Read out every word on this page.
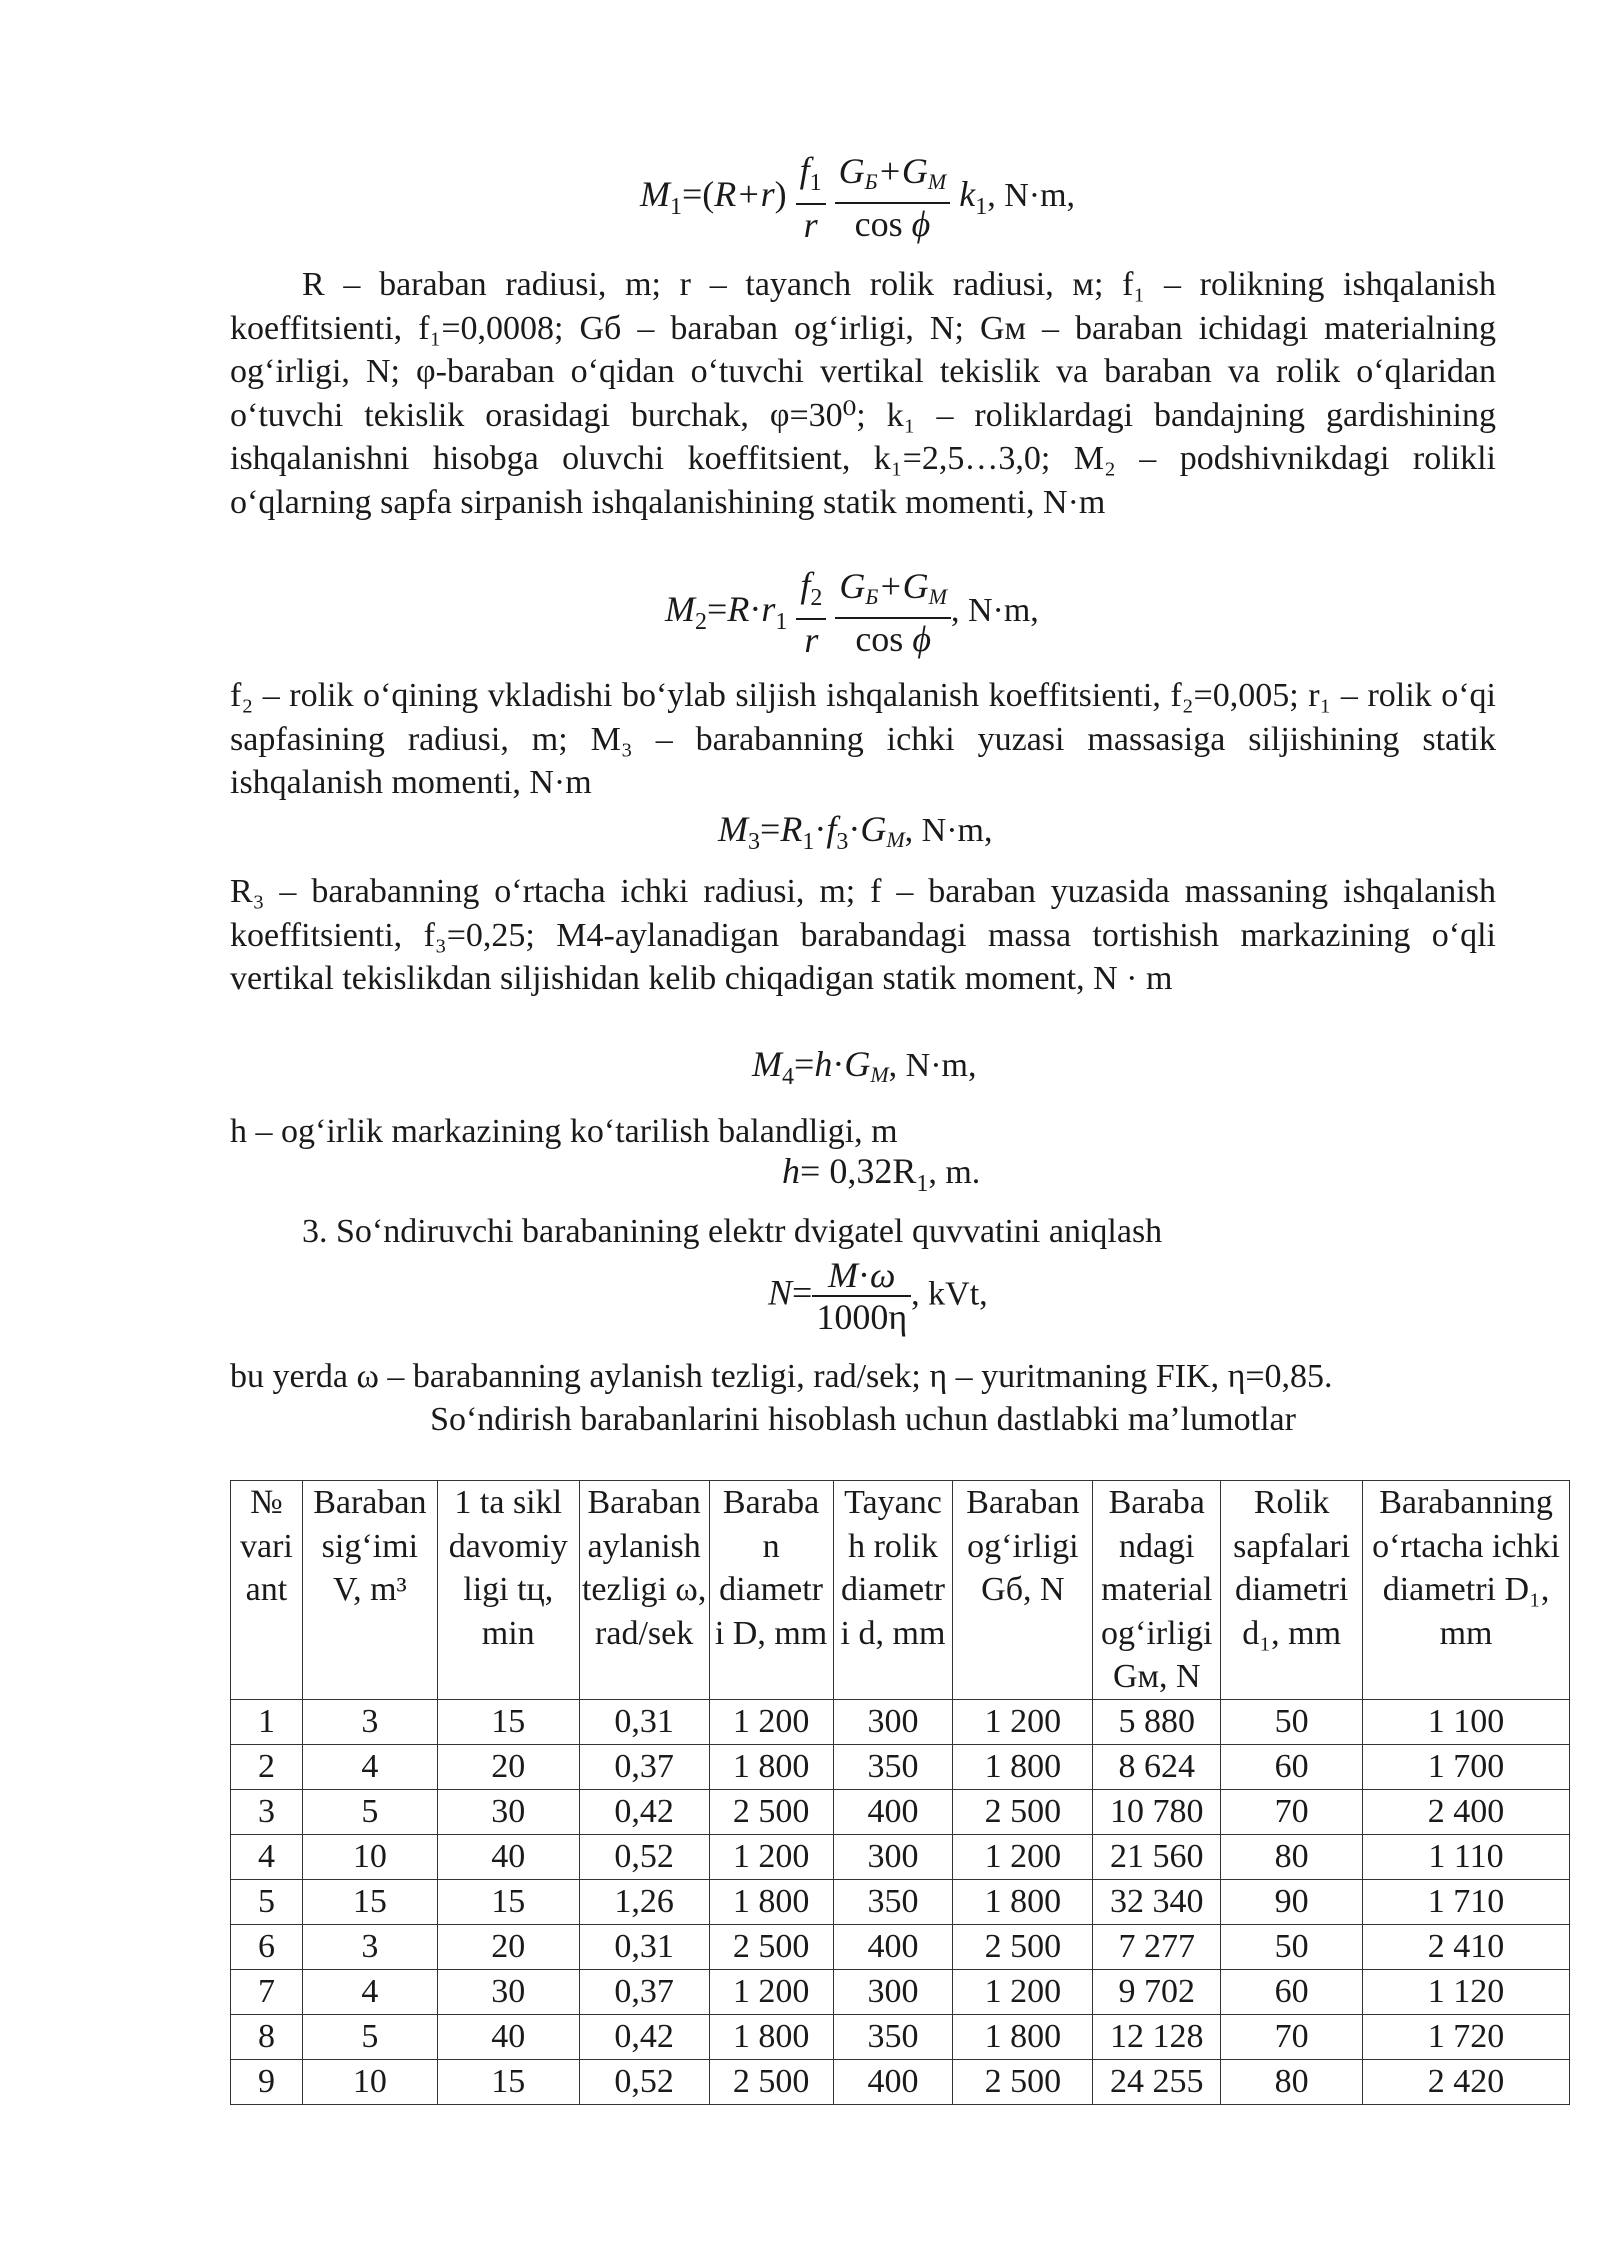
$M_1=(R+r) \frac{f_1}{r}$
$\frac{GБ+GМ}{\text{cos ϕ}} k_1$, N·m,

R – baraban radiusi, m; r – tayanch rolik radiusi, м; f₁ – rolikning ishqalanish koeffitsienti, f₁=0,0008; Gб – baraban og‘irligi, N; Gм – baraban ichidagi materialning og‘irligi, N; φ-baraban o‘qidan o‘tuvchi vertikal tekislik va baraban va rolik o‘qlaridan o‘tuvchi tekislik orasidagi burchak, φ=30⁰; k₁ – roliklardagi bandajning gardishining ishqalanishni hisobga oluvchi koeffitsient, k₁=2,5…3,0; M₂ – podshivnikdagi rolikli o‘qlarning sapfa sirpanish ishqalanishining statik momenti, N·m

$M_2=R\cdot r_1 \frac{f_2}{r}$
$\frac{GБ+GМ}{\text{cos ϕ}}$ , N·m,

f₂ – rolik o‘qining vkladishi bo‘ylab siljish ishqalanish koeffitsienti, f₂=0,005; r₁ – rolik o‘qi sapfasining radiusi, m; M₃ – barabanning ichki yuzasi massasiga siljishining statik ishqalanish momenti, N·m

$M_3=R_1\cdot f_3\cdot GМ$, N·m,

R₃ – barabanning o‘rtacha ichki radiusi, m; f – baraban yuzasida massaning ishqalanish koeffitsienti, f₃=0,25; M4-aylanadigan barabandagi massa tortishish markazining o‘qli vertikal tekislikdan siljishidan kelib chiqadigan statik moment, N · m

$M_4=h\cdot GМ$, N·m,

h – og‘irlik markazining ko‘tarilish balandligi, m

$h= 0,32R_1$, m.

3. So‘ndiruvchi barabanining elektr dvigatel quvvatini aniqlash

$N= \frac{M\cdot\omega}{1000\eta}$ , kVt,

bu yerda ω – barabanning aylanish tezligi, rad/sek; η – yuritmaning FIK, η=0,85.

So‘ndirish barabanlarini hisoblash uchun dastlabki ma’lumotlar

№ vari ant	Baraban sig‘imi V, m³	1 ta sikl davomiy ligi tц, min	Baraban aylanish tezligi ω, rad/sek	Baraba n diametr i D, mm	Tayanc h rolik diametr i d, mm	Baraban og‘irligi Gб, N	Baraba ndagi material og‘irligi Gм, N	Rolik sapfalari diametri d₁, mm	Barabanning o‘rtacha ichki diametri D₁, mm
1	3	15	0,31	1 200	300	1 200	5 880	50	1 100
2	4	20	0,37	1 800	350	1 800	8 624	60	1 700
3	5	30	0,42	2 500	400	2 500	10 780	70	2 400
4	10	40	0,52	1 200	300	1 200	21 560	80	1 110
5	15	15	1,26	1 800	350	1 800	32 340	90	1 710
6	3	20	0,31	2 500	400	2 500	7 277	50	2 410
7	4	30	0,37	1 200	300	1 200	9 702	60	1 120
8	5	40	0,42	1 800	350	1 800	12 128	70	1 720
9	10	15	0,52	2 500	400	2 500	24 255	80	2 420
